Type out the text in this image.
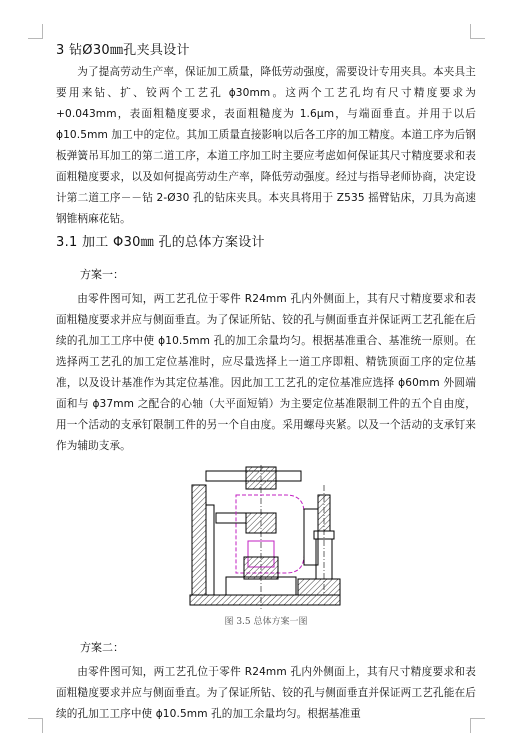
3 钻Ø30㎜孔夹具设计

为了提高劳动生产率，保证加工质量，降低劳动强度，需要设计专用夹具。本夹具主要用来钻、扩、铰两个工艺孔 ϕ30mm。这两个工艺孔均有尺寸精度要求为 +0.043mm，表面粗糙度要求，表面粗糙度为 1.6μm，与端面垂直。并用于以后 ϕ10.5mm 加工中的定位。其加工质量直接影响以后各工序的加工精度。本道工序为后钢板弹簧吊耳加工的第二道工序，本道工序加工时主要应考虑如何保证其尺寸精度要求和表面粗糙度要求，以及如何提高劳动生产率，降低劳动强度。经过与指导老师协商，决定设计第二道工序－－钻 2-Ø30 孔的钻床夹具。本夹具将用于 Z535 摇臂钻床，刀具为高速钢锥柄麻花钻。

3.1 加工 Φ30㎜ 孔的总体方案设计

方案一：

由零件图可知，两工艺孔位于零件 R24mm 孔内外侧面上，其有尺寸精度要求和表面粗糙度要求并应与侧面垂直。为了保证所钻、铰的孔与侧面垂直并保证两工艺孔能在后续的孔加工工序中使 ϕ10.5mm 孔的加工余量均匀。根据基准重合、基准统一原则。在选择两工艺孔的加工定位基准时，应尽量选择上一道工序即粗、精铣顶面工序的定位基准，以及设计基准作为其定位基准。因此加工工艺孔的定位基准应选择 ϕ60mm 外圆端面和与 ϕ37mm 之配合的心轴（大平面短销）为主要定位基准限制工件的五个自由度，用一个活动的支承钉限制工件的另一个自由度。采用螺母夹紧。以及一个活动的支承钉来作为辅助支承。

图 3.5 总体方案一图

方案二：

由零件图可知，两工艺孔位于零件 R24mm 孔内外侧面上，其有尺寸精度要求和表面粗糙度要求并应与侧面垂直。为了保证所钻、铰的孔与侧面垂直并保证两工艺孔能在后续的孔加工工序中使 ϕ10.5mm 孔的加工余量均匀。根据基准重
